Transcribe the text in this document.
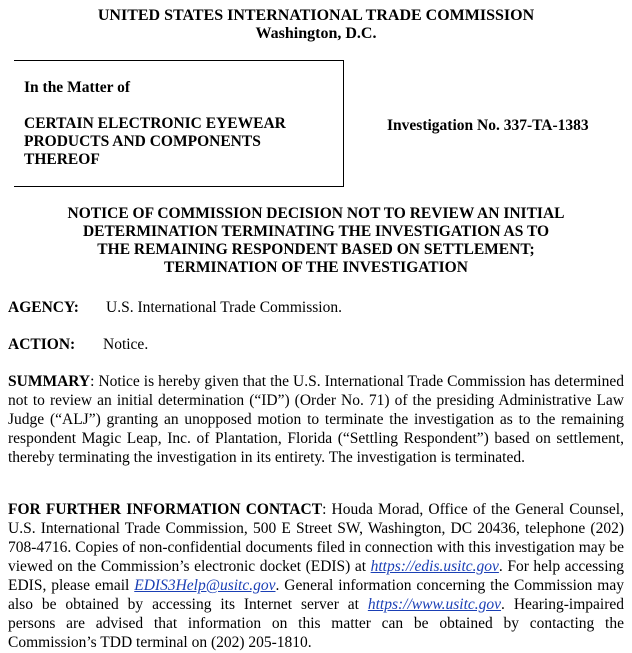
UNITED STATES INTERNATIONAL TRADE COMMISSION
Washington, D.C.
In the Matter of
CERTAIN ELECTRONIC EYEWEAR
PRODUCTS AND COMPONENTS
THEREOF
Investigation No. 337-TA-1383
NOTICE OF COMMISSION DECISION NOT TO REVIEW AN INITIAL
DETERMINATION TERMINATING THE INVESTIGATION AS TO
THE REMAINING RESPONDENT BASED ON SETTLEMENT;
TERMINATION OF THE INVESTIGATION
AGENCY: U.S. International Trade Commission.
ACTION: Notice.
SUMMARY: Notice is hereby given that the U.S. International Trade Commission has determined not to review an initial determination (“ID”) (Order No. 71) of the presiding Administrative Law Judge (“ALJ”) granting an unopposed motion to terminate the investigation as to the remaining respondent Magic Leap, Inc. of Plantation, Florida (“Settling Respondent”) based on settlement, thereby terminating the investigation in its entirety. The investigation is terminated.
FOR FURTHER INFORMATION CONTACT: Houda Morad, Office of the General Counsel, U.S. International Trade Commission, 500 E Street SW, Washington, DC 20436, telephone (202) 708-4716. Copies of non-confidential documents filed in connection with this investigation may be viewed on the Commission’s electronic docket (EDIS) at https://edis.usitc.gov. For help accessing EDIS, please email EDIS3Help@usitc.gov. General information concerning the Commission may also be obtained by accessing its Internet server at https://www.usitc.gov. Hearing-impaired persons are advised that information on this matter can be obtained by contacting the Commission’s TDD terminal on (202) 205-1810.
